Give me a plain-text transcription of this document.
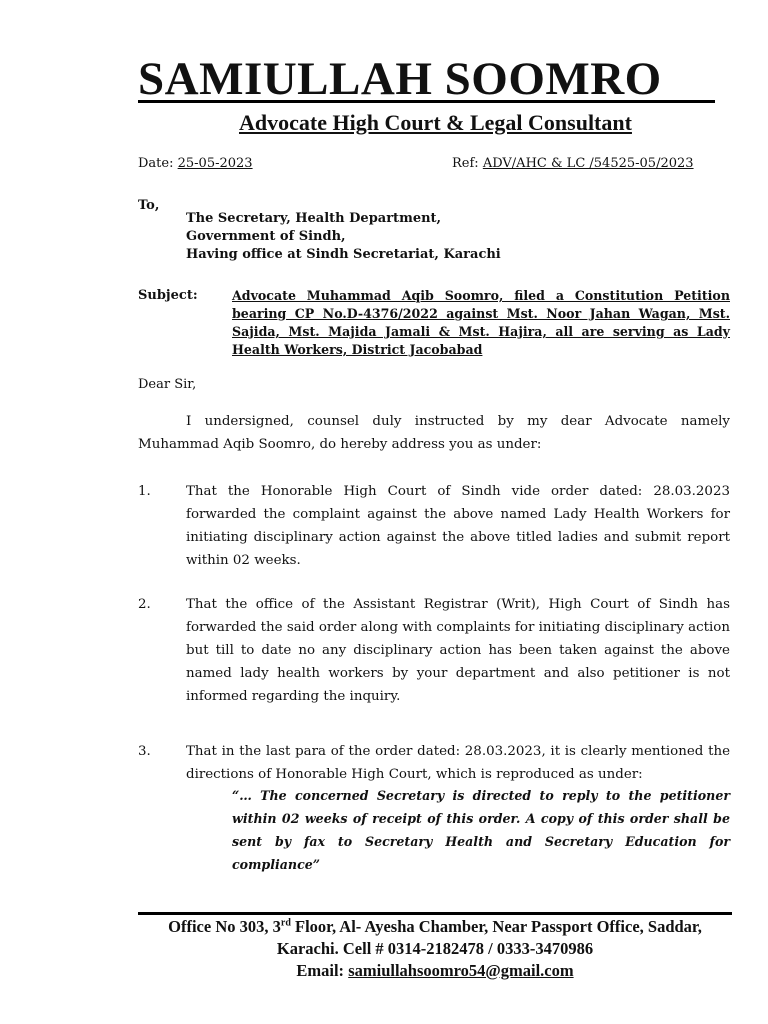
SAMIULLAH SOOMRO
Advocate High Court & Legal Consultant
Date: 25-05-2023	Ref: ADV/AHC & LC /54525-05/2023
To,
The Secretary, Health Department,
Government of Sindh,
Having office at Sindh Secretariat, Karachi
Subject:	Advocate Muhammad Aqib Soomro, filed a Constitution Petition bearing CP No.D-4376/2022 against Mst. Noor Jahan Wagan, Mst. Sajida, Mst. Majida Jamali & Mst. Hajira, all are serving as Lady Health Workers, District Jacobabad
Dear Sir,
I undersigned, counsel duly instructed by my dear Advocate namely Muhammad Aqib Soomro, do hereby address you as under:
1.	That the Honorable High Court of Sindh vide order dated: 28.03.2023 forwarded the complaint against the above named Lady Health Workers for initiating disciplinary action against the above titled ladies and submit report within 02 weeks.
2.	That the office of the Assistant Registrar (Writ), High Court of Sindh has forwarded the said order along with complaints for initiating disciplinary action but till to date no any disciplinary action has been taken against the above named lady health workers by your department and also petitioner is not informed regarding the inquiry.
3.	That in the last para of the order dated: 28.03.2023, it is clearly mentioned the directions of Honorable High Court, which is reproduced as under:
“… The concerned Secretary is directed to reply to the petitioner within 02 weeks of receipt of this order. A copy of this order shall be sent by fax to Secretary Health and Secretary Education for compliance”
Office No 303, 3rd Floor, Al- Ayesha Chamber, Near Passport Office, Saddar,
Karachi. Cell # 0314-2182478 / 0333-3470986
Email: samiullahsoomro54@gmail.com
